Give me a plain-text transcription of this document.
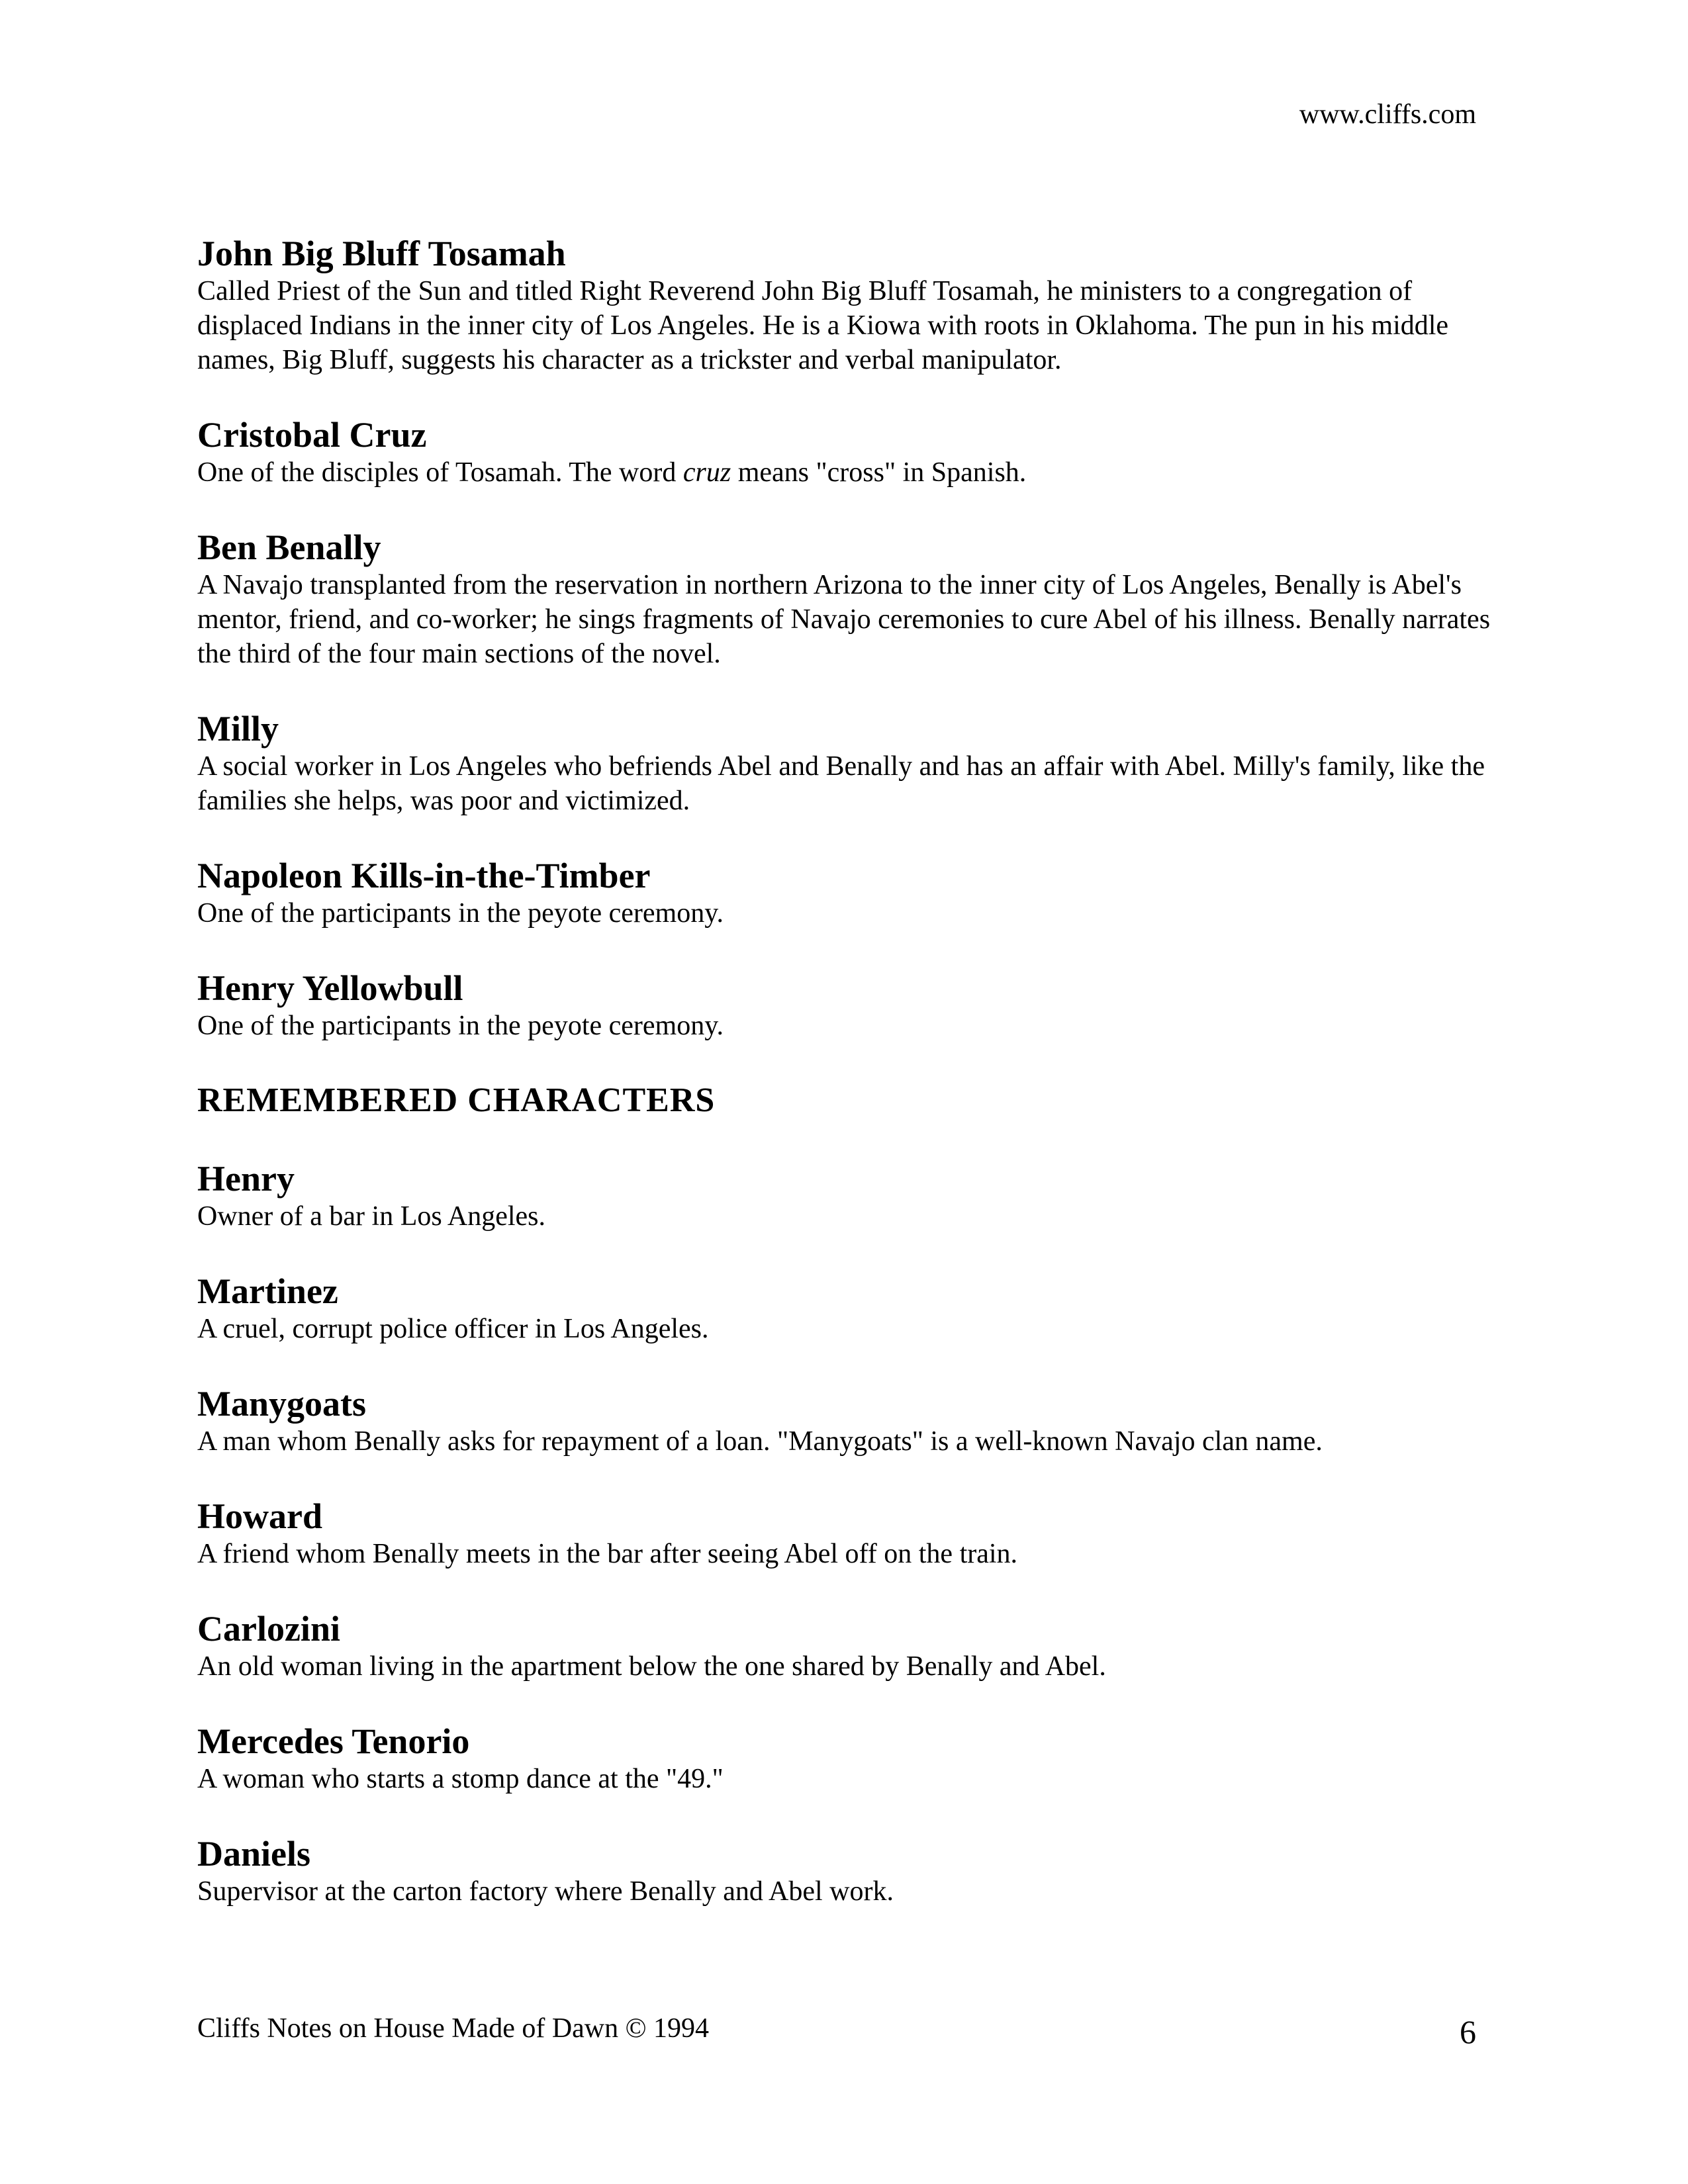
www.cliffs.com

John Big Bluff Tosamah

Called Priest of the Sun and titled Right Reverend John Big Bluff Tosamah, he ministers to a congregation of displaced Indians in the inner city of Los Angeles. He is a Kiowa with roots in Oklahoma. The pun in his middle names, Big Bluff, suggests his character as a trickster and verbal manipulator.

Cristobal Cruz

One of the disciples of Tosamah. The word cruz means "cross" in Spanish.

Ben Benally

A Navajo transplanted from the reservation in northern Arizona to the inner city of Los Angeles, Benally is Abel's mentor, friend, and co-worker; he sings fragments of Navajo ceremonies to cure Abel of his illness. Benally narrates the third of the four main sections of the novel.

Milly

A social worker in Los Angeles who befriends Abel and Benally and has an affair with Abel. Milly's family, like the families she helps, was poor and victimized.

Napoleon Kills-in-the-Timber

One of the participants in the peyote ceremony.

Henry Yellowbull

One of the participants in the peyote ceremony.

REMEMBERED CHARACTERS

Henry

Owner of a bar in Los Angeles.

Martinez

A cruel, corrupt police officer in Los Angeles.

Manygoats

A man whom Benally asks for repayment of a loan. "Manygoats" is a well-known Navajo clan name.

Howard

A friend whom Benally meets in the bar after seeing Abel off on the train.

Carlozini

An old woman living in the apartment below the one shared by Benally and Abel.

Mercedes Tenorio

A woman who starts a stomp dance at the "49."

Daniels

Supervisor at the carton factory where Benally and Abel work.

Cliffs Notes on House Made of Dawn © 1994	6
